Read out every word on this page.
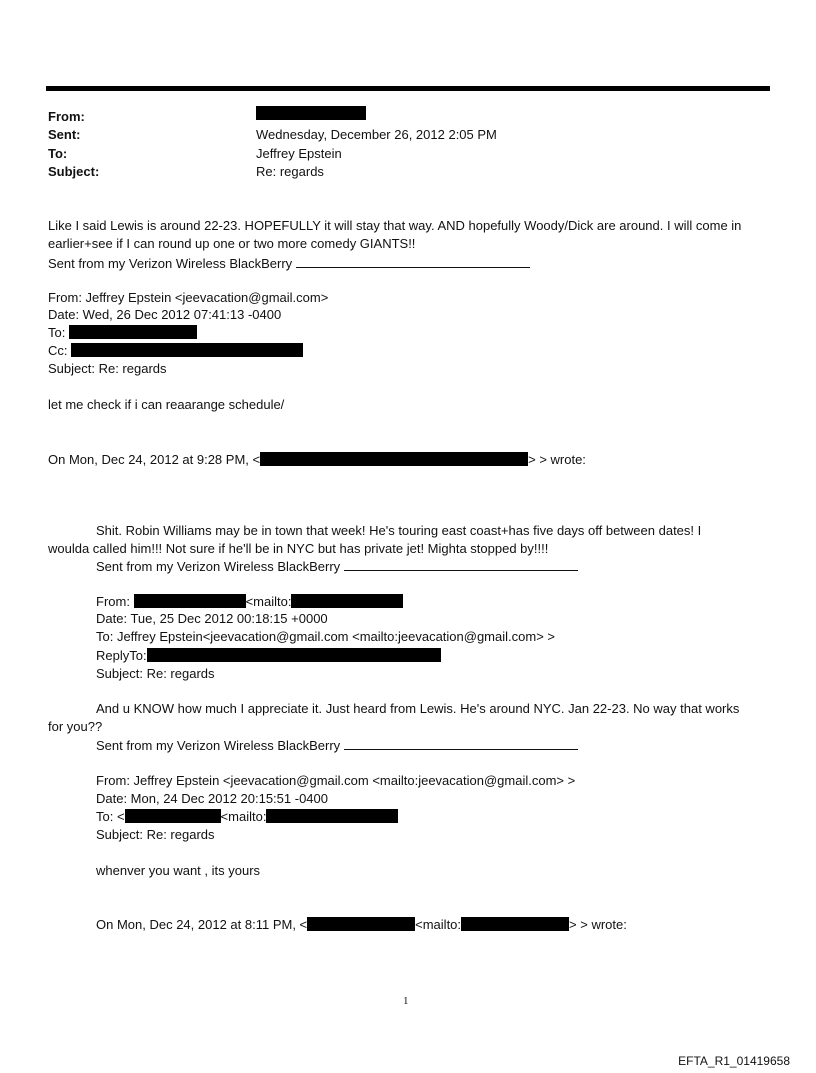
From:
Sent:	Wednesday, December 26, 2012 2:05 PM
To:	Jeffrey Epstein
Subject:	Re: regards
Like I said Lewis is around 22-23. HOPEFULLY it will stay that way. AND hopefully Woody/Dick are around. I will come in
earlier+see if I can round up one or two more comedy GIANTS!!
Sent from my Verizon Wireless BlackBerry
From: Jeffrey Epstein <jeevacation@gmail.com>
Date: Wed, 26 Dec 2012 07:41:13 -0400
To:
Cc:
Subject: Re: regards
let me check if i can reaarange schedule/
On Mon, Dec 24, 2012 at 9:28 PM, <	> > wrote:
Shit. Robin Williams may be in town that week! He's touring east coast+has five days off between dates! I
woulda called him!!! Not sure if he'll be in NYC but has private jet! Mighta stopped by!!!!
Sent from my Verizon Wireless BlackBerry
From:	<mailto:
Date: Tue, 25 Dec 2012 00:18:15 +0000
To: Jeffrey Epstein<jeevacation@gmail.com <mailto:jeevacation@gmail.com> >
ReplyTo:
Subject: Re: regards
And u KNOW how much I appreciate it. Just heard from Lewis. He's around NYC. Jan 22-23. No way that works
for you??
Sent from my Verizon Wireless BlackBerry
From: Jeffrey Epstein <jeevacation@gmail.com <mailto:jeevacation@gmail.com> >
Date: Mon, 24 Dec 2012 20:15:51 -0400
To: <	<mailto:
Subject: Re: regards
whenver you want , its yours
On Mon, Dec 24, 2012 at 8:11 PM, <	<mailto:	> > wrote:
1
EFTA_R1_01419658
